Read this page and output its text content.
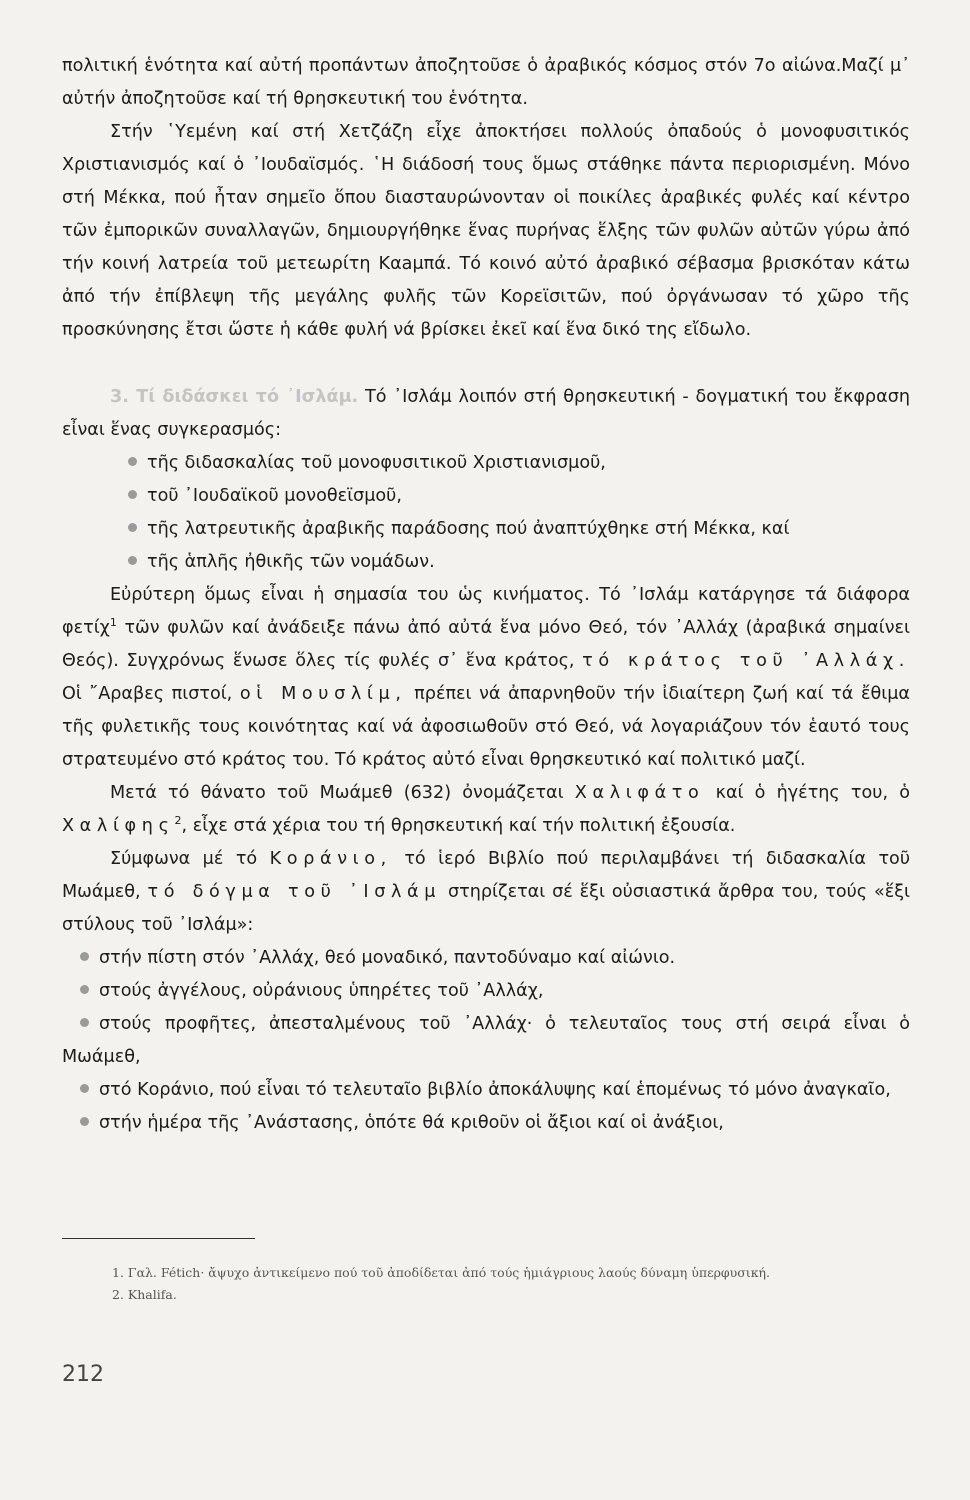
πολιτική ἑνότητα καί αὐτή προπάντων ἀποζητοῦσε ὁ ἀραβικός κόσμος στόν 7ο αἰώνα.Μαζί μ᾽ αὐτήν ἀποζητοῦσε καί τή θρησκευτική του ἑνότητα.

Στήν ῾Υεμένη καί στή Χετζάζη εἶχε ἀποκτήσει πολλούς ὀπαδούς ὁ μονοφυσιτικός Χριστιανισμός καί ὁ ᾽Ιουδαϊσμός. ῾Η διάδοσή τους ὅμως στάθηκε πάντα περιορισμένη. Μόνο στή Μέκκα, πού ἦταν σημεῖο ὅπου διασταυρώνονταν οἱ ποικίλες ἀραβικές φυλές καί κέντρο τῶν ἐμπορικῶν συναλλαγῶν, δημιουργήθηκε ἕνας πυρήνας ἕλξης τῶν φυλῶν αὐτῶν γύρω ἀπό τήν κοινή λατρεία τοῦ μετεωρίτη Καaμπά. Τό κοινό αὐτό ἀραβικό σέβασμα βρισκόταν κάτω ἀπό τήν ἐπίβλεψη τῆς μεγάλης φυλῆς τῶν Κορεϊσιτῶν, πού ὀργάνωσαν τό χῶρο τῆς προσκύνησης ἔτσι ὥστε ἡ κάθε φυλή νά βρίσκει ἐκεῖ καί ἕνα δικό της εἴδωλο.

3. Τί διδάσκει τό ᾽Ισλάμ. Τό ᾽Ισλάμ λοιπόν στή θρησκευτική - δογματική του ἔκφραση εἶναι ἕνας συγκερασμός:

τῆς διδασκαλίας τοῦ μονοφυσιτικοῦ Χριστιανισμοῦ,

τοῦ ᾽Ιουδαϊκοῦ μονοθεϊσμοῦ,

τῆς λατρευτικῆς ἀραβικῆς παράδοσης πού ἀναπτύχθηκε στή Μέκκα, καί

τῆς ἁπλῆς ἠθικῆς τῶν νομάδων.

Εὐρύτερη ὅμως εἶναι ἡ σημασία του ὡς κινήματος. Τό ᾽Ισλάμ κατάργησε τά διάφορα φετίχ$^1$ τῶν φυλῶν καί ἀνάδειξε πάνω ἀπό αὐτά ἕνα μόνο Θεό, τόν ᾽Αλλάχ (ἀραβικά σημαίνει Θεός). Συγχρόνως ἕνωσε ὅλες τίς φυλές σ᾽ ἕνα κράτος, τό κράτος τοῦ ᾽Αλλάχ. Οἱ ῎Αραβες πιστοί, οἱ Μουσλίμ, πρέπει νά ἀπαρνηθοῦν τήν ἰδιαίτερη ζωή καί τά ἔθιμα τῆς φυλετικῆς τους κοινότητας καί νά ἀφοσιωθοῦν στό Θεό, νά λογαριάζουν τόν ἑαυτό τους στρατευμένο στό κράτος του. Τό κράτος αὐτό εἶναι θρησκευτικό καί πολιτικό μαζί.

Μετά τό θάνατο τοῦ Μωάμεθ (632) ὀνομάζεται Χαλιφάτο καί ὁ ἡγέτης του, ὁ Χαλίφης$^2$, εἶχε στά χέρια του τή θρησκευτική καί τήν πολιτική ἐξουσία.

Σύμφωνα μέ τό Κοράνιο, τό ἱερό Βιβλίο πού περιλαμβάνει τή διδασκαλία τοῦ Μωάμεθ, τό δόγμα τοῦ ᾽Ισλάμ στηρίζεται σέ ἕξι οὐσιαστικά ἄρθρα του, τούς «ἕξι στύλους τοῦ ᾽Ισλάμ»:

στήν πίστη στόν ᾽Αλλάχ, θεό μοναδικό, παντοδύναμο καί αἰώνιο.

στούς ἀγγέλους, οὐράνιους ὑπηρέτες τοῦ ᾽Αλλάχ,

στούς προφῆτες, ἀπεσταλμένους τοῦ ᾽Αλλάχ· ὁ τελευταῖος τους στή σειρά εἶναι ὁ Μωάμεθ,

στό Κοράνιο, πού εἶναι τό τελευταῖο βιβλίο ἀποκάλυψης καί ἑπομένως τό μόνο ἀναγκαῖο,

στήν ἡμέρα τῆς ᾽Ανάστασης, ὁπότε θά κριθοῦν οἱ ἄξιοι καί οἱ ἀνάξιοι,

1. Γαλ. Fétich· ἄψυχο ἀντικείμενο πού τοῦ ἀποδίδεται ἀπό τούς ἡμιάγριους λαούς δύναμη ὑπερφυσική.

2. Khalifa.

212
